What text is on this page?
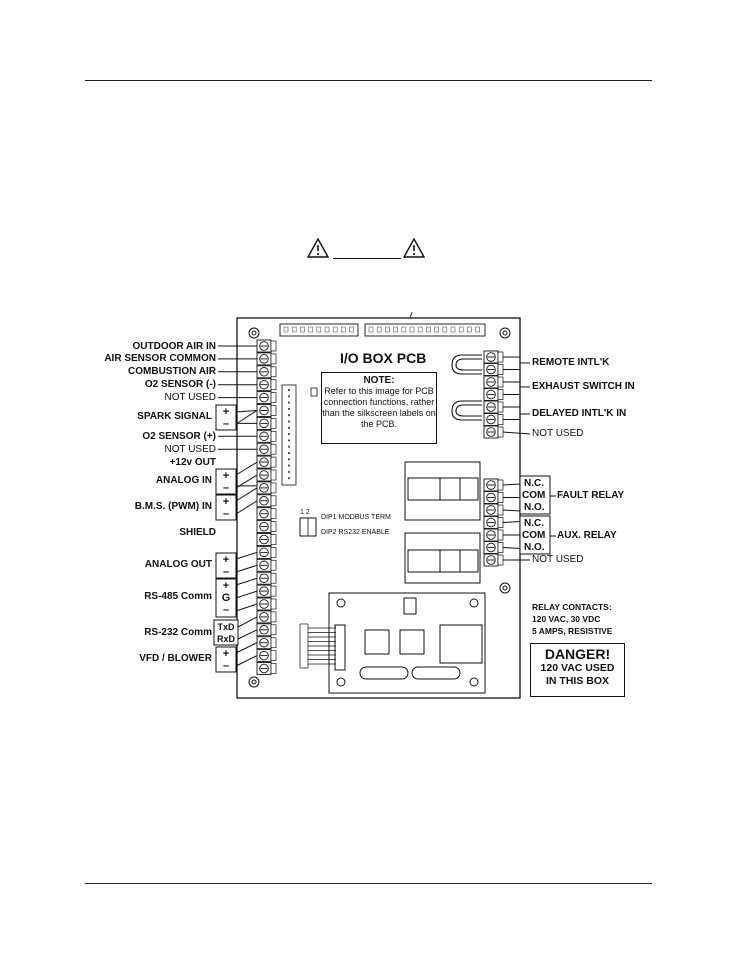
I/O BOX PCB
NOTE:
Refer to this image for PCB connection functions, rather than the silkscreen labels on the PCB.
1 2
DIP1 MODBUS TERM
DIP2 RS232 ENABLE
OUTDOOR AIR IN
AIR SENSOR COMMON
COMBUSTION AIR
O2 SENSOR (-)
NOT USED
SPARK SIGNAL
O2 SENSOR (+)
NOT USED
+12v OUT
ANALOG IN
B.M.S. (PWM) IN
SHIELD
ANALOG OUT
RS-485 Comm
RS-232 Comm
VFD / BLOWER
+
–
+
–
+
–
+
–
+
G
–
TxD
RxD
+
–
REMOTE INTL'K
EXHAUST SWITCH IN
DELAYED INTL'K IN
NOT USED
N.C.
COM
N.O.
FAULT RELAY
N.C.
COM
N.O.
AUX. RELAY
NOT USED
RELAY CONTACTS:
120 VAC, 30 VDC
5 AMPS, RESISTIVE
DANGER!
120 VAC USED
IN THIS BOX
